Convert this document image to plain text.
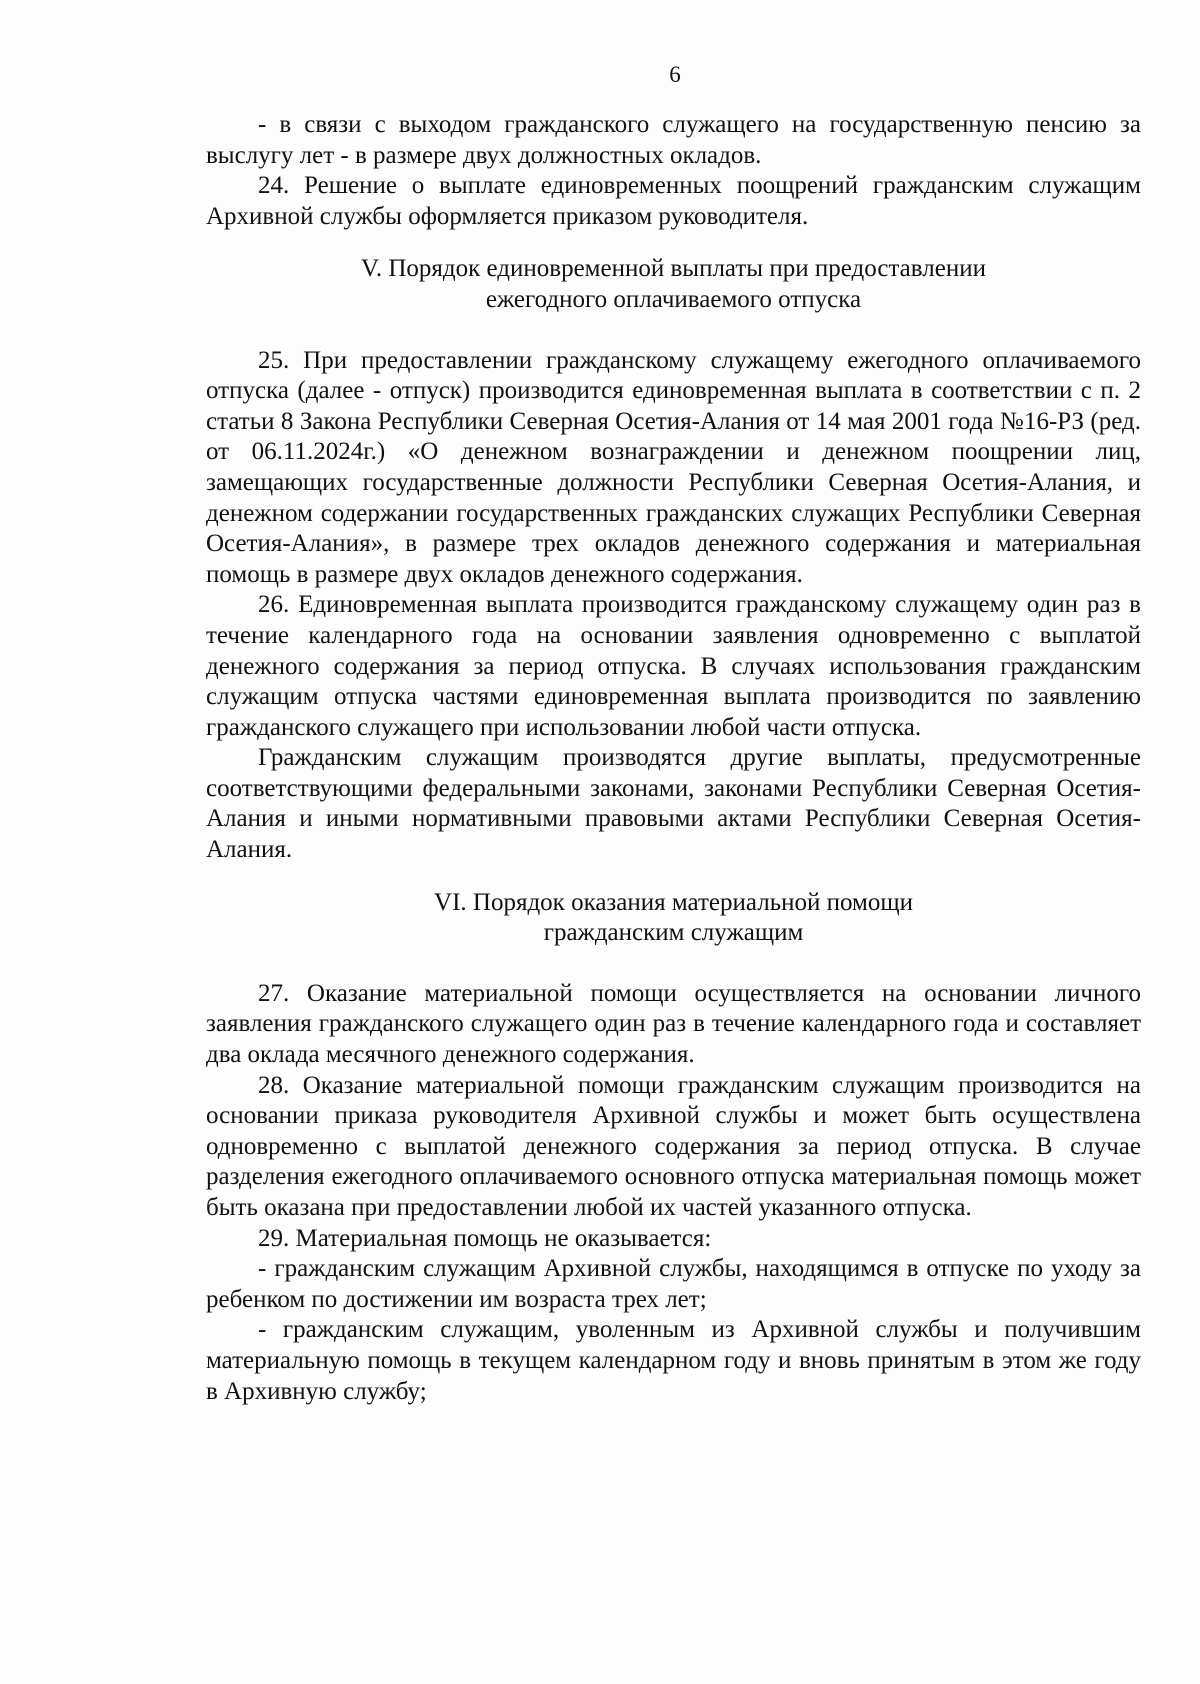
6

- в связи с выходом гражданского служащего на государственную пенсию за выслугу лет - в размере двух должностных окладов.

24. Решение о выплате единовременных поощрений гражданским служащим Архивной службы оформляется приказом руководителя.

V. Порядок единовременной выплаты при предоставлении
ежегодного оплачиваемого отпуска

25. При предоставлении гражданскому служащему ежегодного оплачиваемого отпуска (далее - отпуск) производится единовременная выплата в соответствии с п. 2 статьи 8 Закона Республики Северная Осетия-Алания от 14 мая 2001 года №16-РЗ (ред. от 06.11.2024г.) «О денежном вознаграждении и денежном поощрении лиц, замещающих государственные должности Республики Северная Осетия-Алания, и денежном содержании государственных гражданских служащих Республики Северная Осетия-Алания», в размере трех окладов денежного содержания и материальная помощь в размере двух окладов денежного содержания.

26. Единовременная выплата производится гражданскому служащему один раз в течение календарного года на основании заявления одновременно с выплатой денежного содержания за период отпуска. В случаях использования гражданским служащим отпуска частями единовременная выплата производится по заявлению гражданского служащего при использовании любой части отпуска.

Гражданским служащим производятся другие выплаты, предусмотренные соответствующими федеральными законами, законами Республики Северная Осетия-Алания и иными нормативными правовыми актами Республики Северная Осетия-Алания.

VI. Порядок оказания материальной помощи
гражданским служащим

27. Оказание материальной помощи осуществляется на основании личного заявления гражданского служащего один раз в течение календарного года и составляет два оклада месячного денежного содержания.

28. Оказание материальной помощи гражданским служащим производится на основании приказа руководителя Архивной службы и может быть осуществлена одновременно с выплатой денежного содержания за период отпуска. В случае разделения ежегодного оплачиваемого основного отпуска материальная помощь может быть оказана при предоставлении любой их частей указанного отпуска.

29. Материальная помощь не оказывается:

- гражданским служащим Архивной службы, находящимся в отпуске по уходу за ребенком по достижении им возраста трех лет;

- гражданским служащим, уволенным из Архивной службы и получившим материальную помощь в текущем календарном году и вновь принятым в этом же году в Архивную службу;
